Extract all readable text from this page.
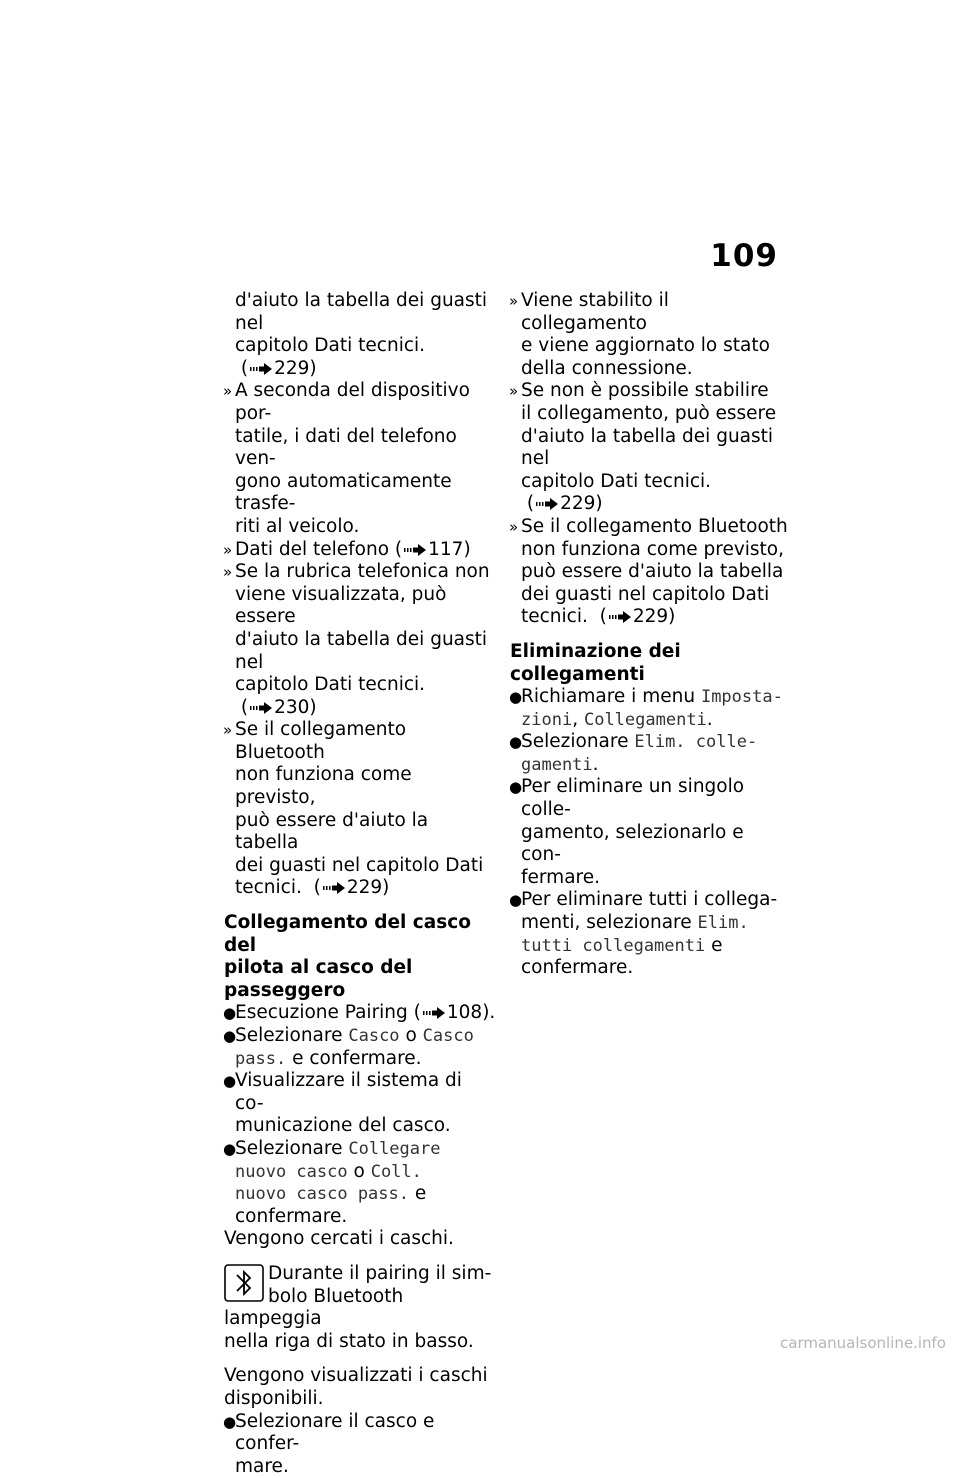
109
d'aiuto la tabella dei guasti nel
capitolo Dati tecnici.  ( 229)
» A seconda del dispositivo por-
tatile, i dati del telefono ven-
gono automaticamente trasfe-
riti al veicolo.
» Dati del telefono ( 117)
» Se la rubrica telefonica non
viene visualizzata, può essere
d'aiuto la tabella dei guasti nel
capitolo Dati tecnici.  ( 230)
» Se il collegamento Bluetooth
non funziona come previsto,
può essere d'aiuto la tabella
dei guasti nel capitolo Dati
tecnici.  ( 229)
Collegamento del casco del
pilota al casco del passeggero
●
Esecuzione Pairing ( 108).
●
Selezionare Casco o Casco
pass. e confermare.
●
Visualizzare il sistema di co-
municazione del casco.
●
Selezionare Collegare
nuovo casco o Coll.
nuovo casco pass. e
confermare.

Vengono cercati i caschi.

Durante il pairing il sim-
bolo Bluetooth lampeggia
nella riga di stato in basso.

Vengono visualizzati i caschi
disponibili.

●
Selezionare il casco e confer-
mare.
» Viene stabilito il collegamento
e viene aggiornato lo stato
della connessione.
» Se non è possibile stabilire
il collegamento, può essere
d'aiuto la tabella dei guasti nel
capitolo Dati tecnici.  ( 229)
» Se il collegamento Bluetooth
non funziona come previsto,
può essere d'aiuto la tabella
dei guasti nel capitolo Dati
tecnici.  ( 229)
Eliminazione dei collegamenti
●
Richiamare i menu Imposta-
zioni, Collegamenti.
●
Selezionare Elim. colle-
gamenti.
●
Per eliminare un singolo colle-
gamento, selezionarlo e con-
fermare.
●
Per eliminare tutti i collega-
menti, selezionare Elim.
tutti collegamenti e
confermare.
carmanualsonline.info
